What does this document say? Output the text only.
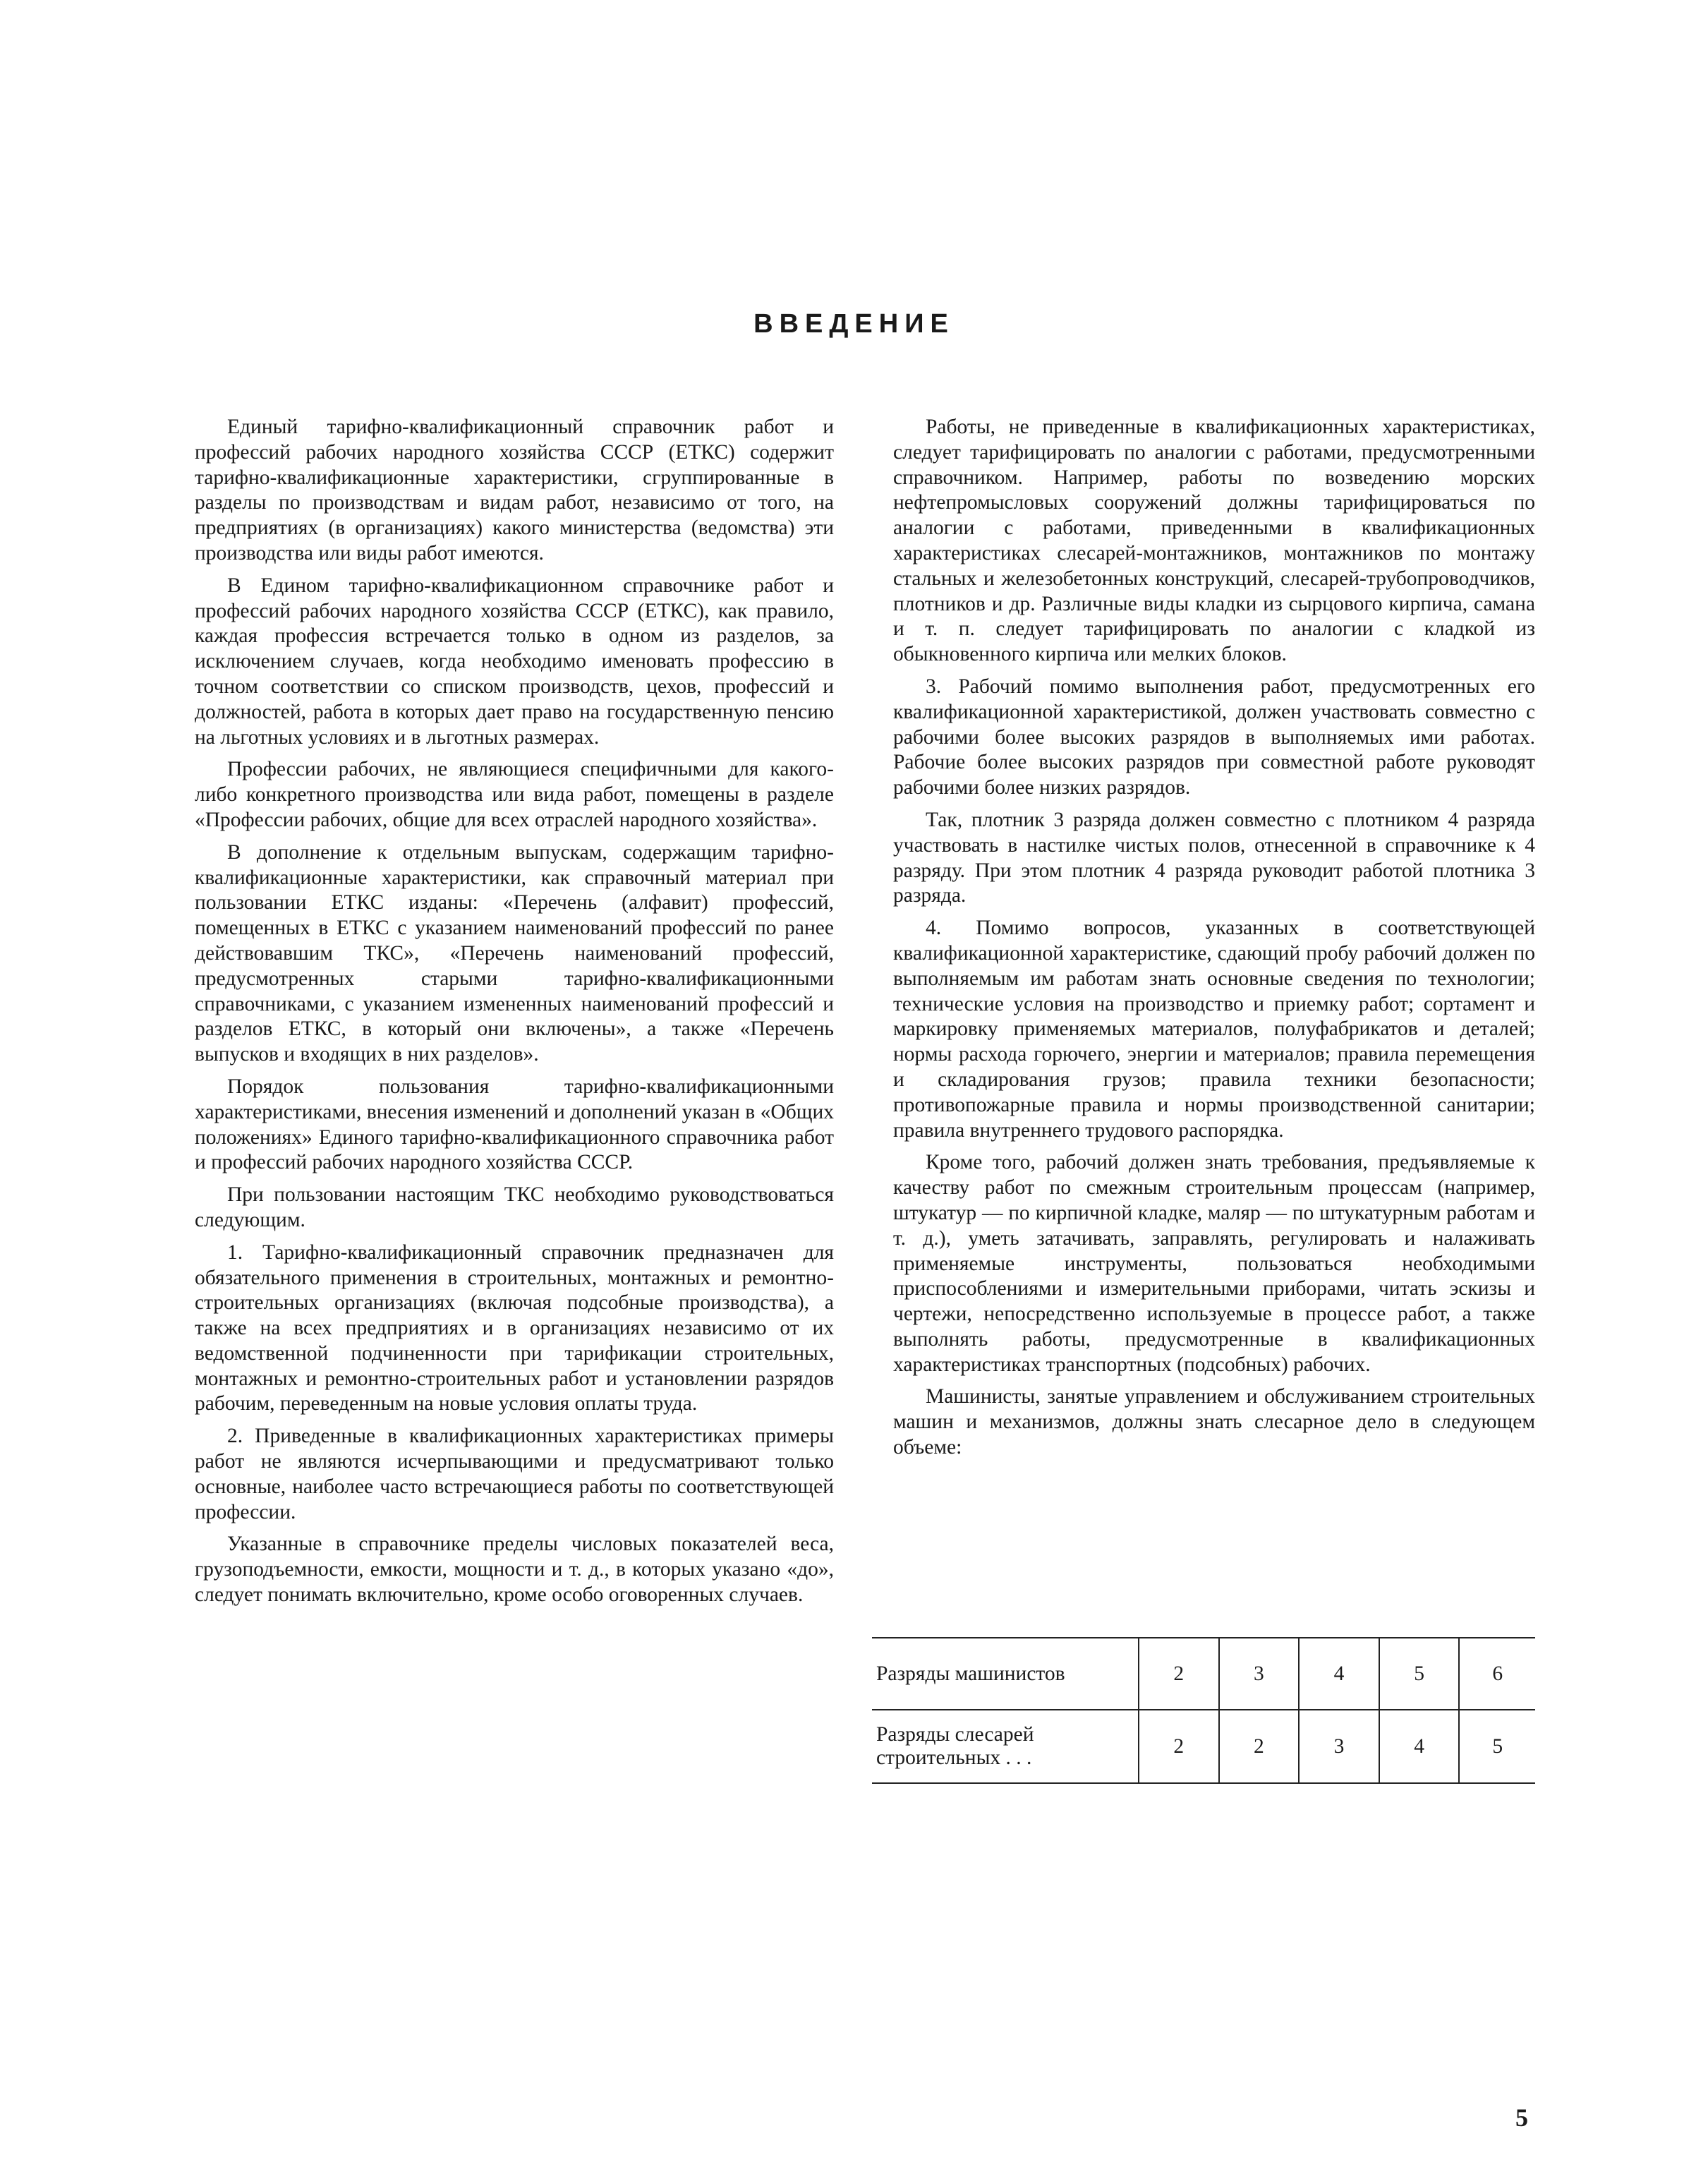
ВВЕДЕНИЕ

Единый тарифно-квалификационный справочник работ и профессий рабочих народного хозяйства СССР (ЕТКС) содержит тарифно-квалификационные характеристики, сгруппированные в разделы по производствам и видам работ, независимо от того, на предприятиях (в организациях) какого министерства (ведомства) эти производства или виды работ имеются.

В Едином тарифно-квалификационном справочнике работ и профессий рабочих народного хозяйства СССР (ЕТКС), как правило, каждая профессия встречается только в одном из разделов, за исключением случаев, когда необходимо именовать профессию в точном соответствии со списком производств, цехов, профессий и должностей, работа в которых дает право на государственную пенсию на льготных условиях и в льготных размерах.

Профессии рабочих, не являющиеся специфичными для какого-либо конкретного производства или вида работ, помещены в разделе «Профессии рабочих, общие для всех отраслей народного хозяйства».

В дополнение к отдельным выпускам, содержащим тарифно-квалификационные характеристики, как справочный материал при пользовании ЕТКС изданы: «Перечень (алфавит) профессий, помещенных в ЕТКС с указанием наименований профессий по ранее действовавшим ТКС», «Перечень наименований профессий, предусмотренных старыми тарифно-квалификационными справочниками, с указанием измененных наименований профессий и разделов ЕТКС, в который они включены», а также «Перечень выпусков и входящих в них разделов».

Порядок пользования тарифно-квалификационными характеристиками, внесения изменений и дополнений указан в «Общих положениях» Единого тарифно-квалификационного справочника работ и профессий рабочих народного хозяйства СССР.

При пользовании настоящим ТКС необходимо руководствоваться следующим.

1. Тарифно-квалификационный справочник предназначен для обязательного применения в строительных, монтажных и ремонтно-строительных организациях (включая подсобные производства), а также на всех предприятиях и в организациях независимо от их ведомственной подчиненности при тарификации строительных, монтажных и ремонтно-строительных работ и установлении разрядов рабочим, переведенным на новые условия оплаты труда.

2. Приведенные в квалификационных характеристиках примеры работ не являются исчерпывающими и предусматривают только основные, наиболее часто встречающиеся работы по соответствующей профессии.

Указанные в справочнике пределы числовых показателей веса, грузоподъемности, емкости, мощности и т. д., в которых указано «до», следует понимать включительно, кроме особо оговоренных случаев.

Работы, не приведенные в квалификационных характеристиках, следует тарифицировать по аналогии с работами, предусмотренными справочником. Например, работы по возведению морских нефтепромысловых сооружений должны тарифицироваться по аналогии с работами, приведенными в квалификационных характеристиках слесарей-монтажников, монтажников по монтажу стальных и железобетонных конструкций, слесарей-трубопроводчиков, плотников и др. Различные виды кладки из сырцового кирпича, самана и т. п. следует тарифицировать по аналогии с кладкой из обыкновенного кирпича или мелких блоков.

3. Рабочий помимо выполнения работ, предусмотренных его квалификационной характеристикой, должен участвовать совместно с рабочими более высоких разрядов в выполняемых ими работах. Рабочие более высоких разрядов при совместной работе руководят рабочими более низких разрядов.

Так, плотник 3 разряда должен совместно с плотником 4 разряда участвовать в настилке чистых полов, отнесенной в справочнике к 4 разряду. При этом плотник 4 разряда руководит работой плотника 3 разряда.

4. Помимо вопросов, указанных в соответствующей квалификационной характеристике, сдающий пробу рабочий должен по выполняемым им работам знать основные сведения по технологии; технические условия на производство и приемку работ; сортамент и маркировку применяемых материалов, полуфабрикатов и деталей; нормы расхода горючего, энергии и материалов; правила перемещения и складирования грузов; правила техники безопасности; противопожарные правила и нормы производственной санитарии; правила внутреннего трудового распорядка.

Кроме того, рабочий должен знать требования, предъявляемые к качеству работ по смежным строительным процессам (например, штукатур — по кирпичной кладке, маляр — по штукатурным работам и т. д.), уметь затачивать, заправлять, регулировать и налаживать применяемые инструменты, пользоваться необходимыми приспособлениями и измерительными приборами, читать эскизы и чертежи, непосредственно используемые в процессе работ, а также выполнять работы, предусмотренные в квалификационных характеристиках транспортных (подсобных) рабочих.

Машинисты, занятые управлением и обслуживанием строительных машин и механизмов, должны знать слесарное дело в следующем объеме:

Разряды машинистов	2	3	4	5	6
Разряды слесарей строительных . . .	2	2	3	4	5
5
